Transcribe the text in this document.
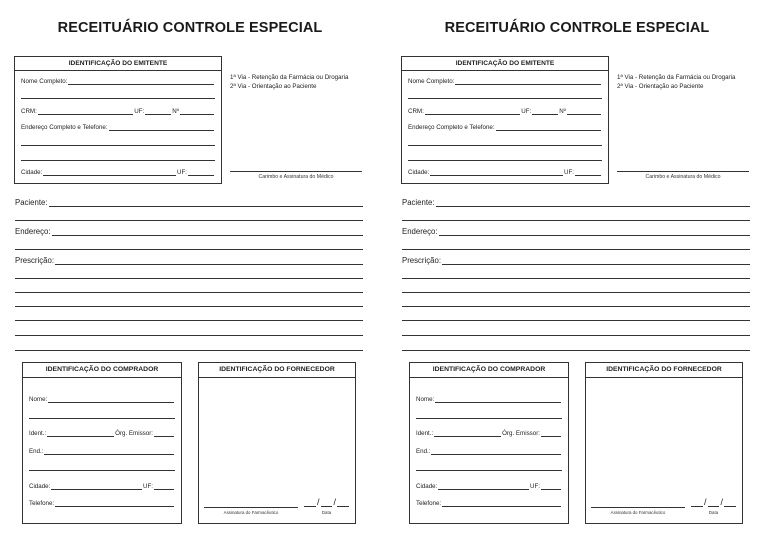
RECEITUÁRIO CONTROLE ESPECIAL
IDENTIFICAÇÃO DO EMITENTE
Nome Completo:
CRM:	UF:	Nº
Endereço Completo e Telefone:
Cidade:	UF:
1ª Via - Retenção da Farmácia ou Drogaria
2ª Via - Orientação ao Paciente
Carimbo e Assinatura do Médico
Paciente:
Endereço:
Prescrição:
IDENTIFICAÇÃO DO COMPRADOR
Nome:
Ident.:	Órg. Emissor:
End.:
Cidade:	UF:
Telefone:
IDENTIFICAÇÃO DO FORNECEDOR
Assinatura do Farmacêutico
/ /
Data
RECEITUÁRIO CONTROLE ESPECIAL
IDENTIFICAÇÃO DO EMITENTE
Nome Completo:
CRM:	UF:	Nº
Endereço Completo e Telefone:
Cidade:	UF:
1ª Via - Retenção da Farmácia ou Drogaria
2ª Via - Orientação ao Paciente
Carimbo e Assinatura do Médico
Paciente:
Endereço:
Prescrição:
IDENTIFICAÇÃO DO COMPRADOR
Nome:
Ident.:	Órg. Emissor:
End.:
Cidade:	UF:
Telefone:
IDENTIFICAÇÃO DO FORNECEDOR
Assinatura do Farmacêutico
/ /
Data
